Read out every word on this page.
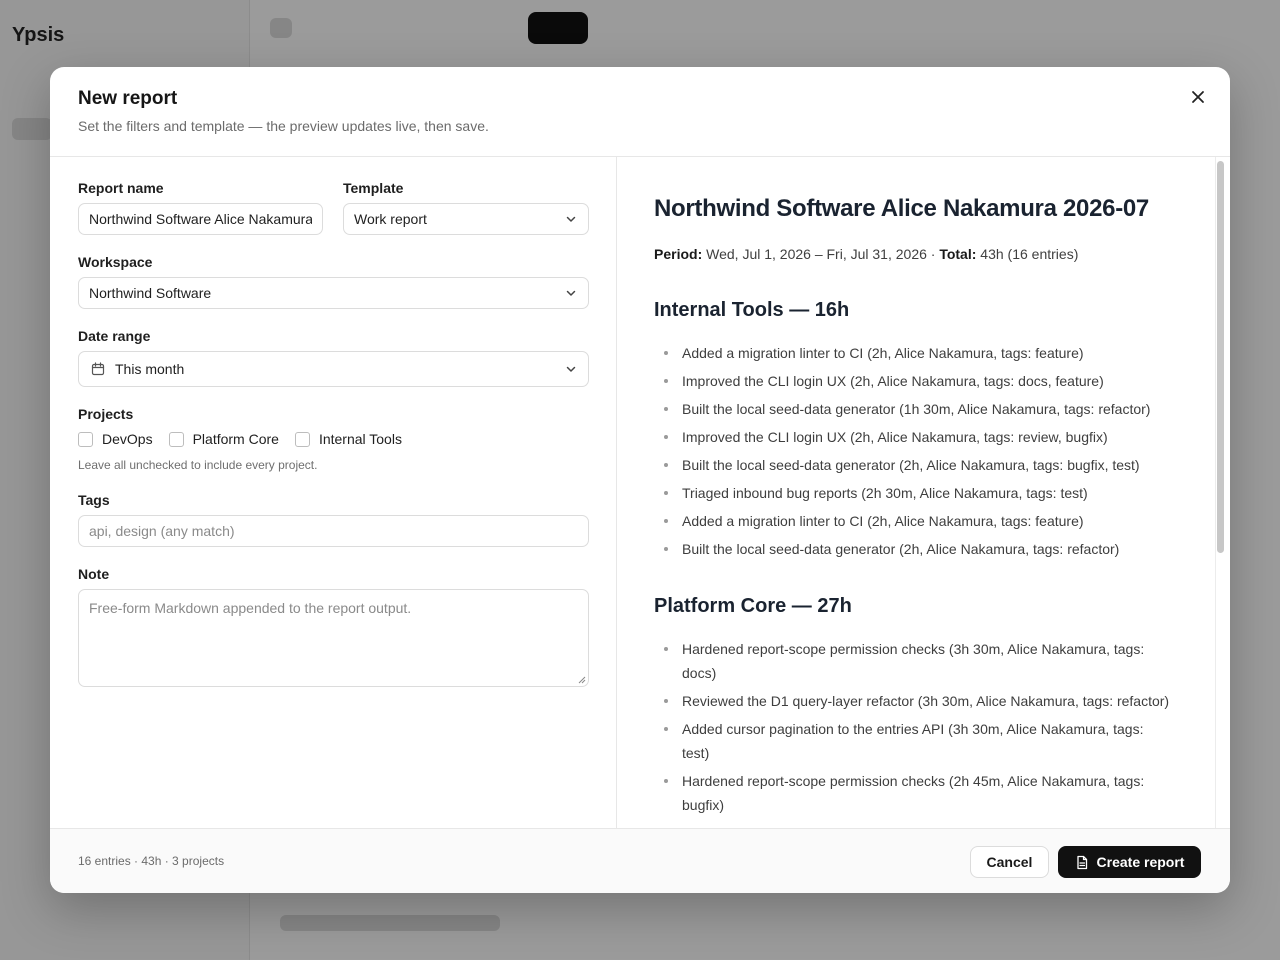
Ypsis
New report
Set the filters and template — the preview updates live, then save.
Report name
Northwind Software Alice Nakamura 2026-07	Template
Work report
Workspace
Northwind Software
Date range
This month
Projects
DevOps	Platform Core	Internal Tools
Leave all unchecked to include every project.
Tags
api, design (any match)
Note
Free-form Markdown appended to the report output.
Northwind Software Alice Nakamura 2026-07
Period: Wed, Jul 1, 2026 – Fri, Jul 31, 2026 · Total: 43h (16 entries)
Internal Tools — 16h
Added a migration linter to CI (2h, Alice Nakamura, tags: feature)
Improved the CLI login UX (2h, Alice Nakamura, tags: docs, feature)
Built the local seed-data generator (1h 30m, Alice Nakamura, tags: refactor)
Improved the CLI login UX (2h, Alice Nakamura, tags: review, bugfix)
Built the local seed-data generator (2h, Alice Nakamura, tags: bugfix, test)
Triaged inbound bug reports (2h 30m, Alice Nakamura, tags: test)
Added a migration linter to CI (2h, Alice Nakamura, tags: feature)
Built the local seed-data generator (2h, Alice Nakamura, tags: refactor)
Platform Core — 27h
Hardened report-scope permission checks (3h 30m, Alice Nakamura, tags: docs)
Reviewed the D1 query-layer refactor (3h 30m, Alice Nakamura, tags: refactor)
Added cursor pagination to the entries API (3h 30m, Alice Nakamura, tags: test)
Hardened report-scope permission checks (2h 45m, Alice Nakamura, tags: bugfix)
16 entries · 43h · 3 projects	Cancel	Create report
